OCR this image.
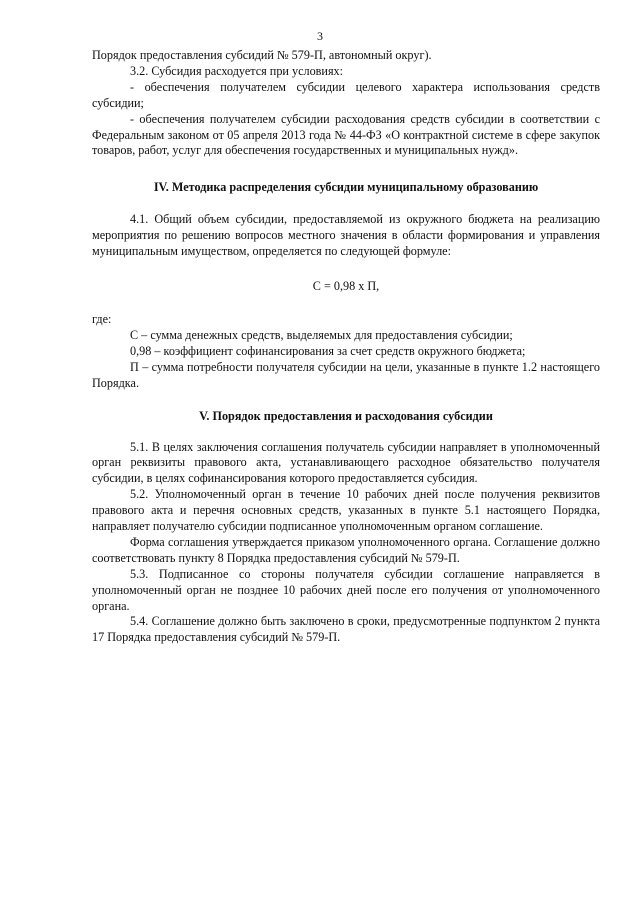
3

Порядок предоставления субсидий № 579-П, автономный округ).

3.2. Субсидия расходуется при условиях:

- обеспечения получателем субсидии целевого характера использования средств субсидии;

- обеспечения получателем субсидии расходования средств субсидии в соответствии с Федеральным законом от 05 апреля 2013 года № 44-ФЗ «О контрактной системе в сфере закупок товаров, работ, услуг для обеспечения государственных и муниципальных нужд».

IV. Методика распределения субсидии муниципальному образованию

4.1. Общий объем субсидии, предоставляемой из окружного бюджета на реализацию мероприятия по решению вопросов местного значения в области формирования и управления муниципальным имуществом, определяется по следующей формуле:

С = 0,98 х П,

где:

С – сумма денежных средств, выделяемых для предоставления субсидии;

0,98 – коэффициент софинансирования за счет средств окружного бюджета;

П – сумма потребности получателя субсидии на цели, указанные в пункте 1.2 настоящего Порядка.

V. Порядок предоставления и расходования субсидии

5.1. В целях заключения соглашения получатель субсидии направляет в уполномоченный орган реквизиты правового акта, устанавливающего расходное обязательство получателя субсидии, в целях софинансирования которого предоставляется субсидия.

5.2. Уполномоченный орган в течение 10 рабочих дней после получения реквизитов правового акта и перечня основных средств, указанных в пункте 5.1 настоящего Порядка, направляет получателю субсидии подписанное уполномоченным органом соглашение.

Форма соглашения утверждается приказом уполномоченного органа. Соглашение должно соответствовать пункту 8 Порядка предоставления субсидий № 579-П.

5.3. Подписанное со стороны получателя субсидии соглашение направляется в уполномоченный орган не позднее 10 рабочих дней после его получения от уполномоченного органа.

5.4. Соглашение должно быть заключено в сроки, предусмотренные подпунктом 2 пункта 17 Порядка предоставления субсидий № 579-П.
